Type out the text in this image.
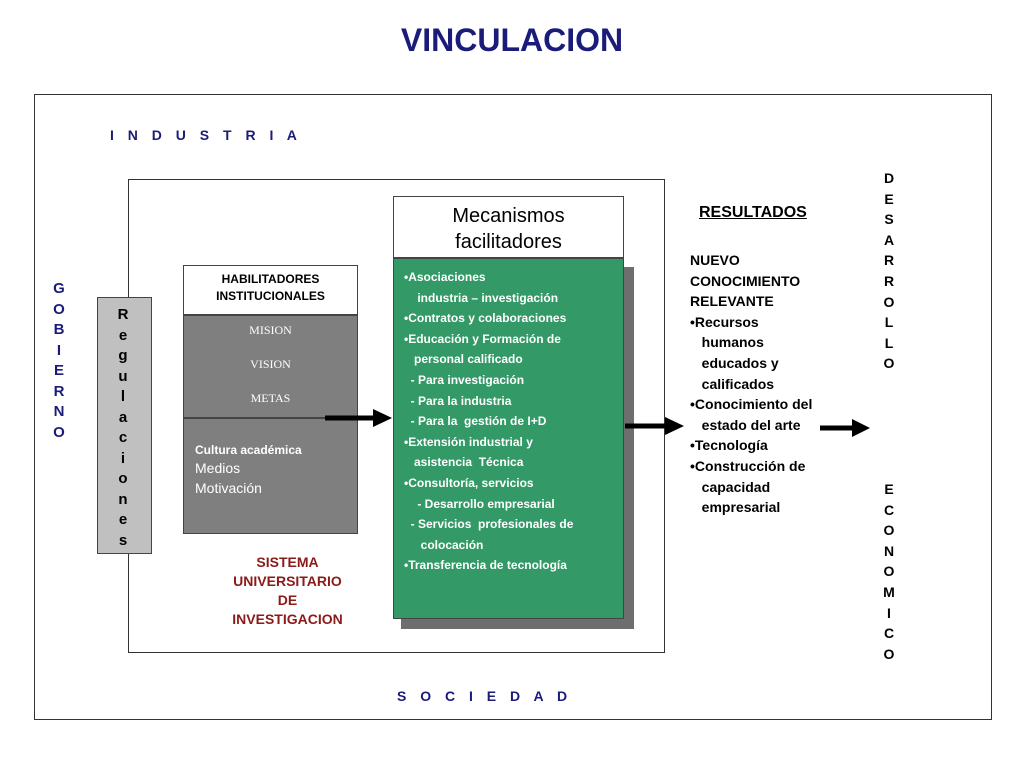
VINCULACION
I N D U S T R I A
S O C I E D A D
G
O
B
I
E
R
N
O
R
e
g
u
l
a
c
i
o
n
e
s
HABILITADORES
INSTITUCIONALES
MISION
VISION
METAS
Cultura académica
Medios
Motivación
SISTEMA
UNIVERSITARIO
DE
INVESTIGACION
Mecanismos
facilitadores
•Asociaciones
industria – investigación
•Contratos y colaboraciones
•Educación y Formación de
personal calificado
- Para investigación
- Para la industria
- Para la  gestión de I+D
•Extensión industrial y
asistencia  Técnica
•Consultoría, servicios
- Desarrollo empresarial
- Servicios  profesionales de
colocación
•Transferencia de tecnología
RESULTADOS
NUEVO
CONOCIMIENTO
RELEVANTE
•Recursos
humanos
educados y
calificados
•Conocimiento del
estado del arte
•Tecnología
•Construcción de
capacidad
empresarial
D
E
S
A
R
R
O
L
L
O
E
C
O
N
O
M
I
C
O
